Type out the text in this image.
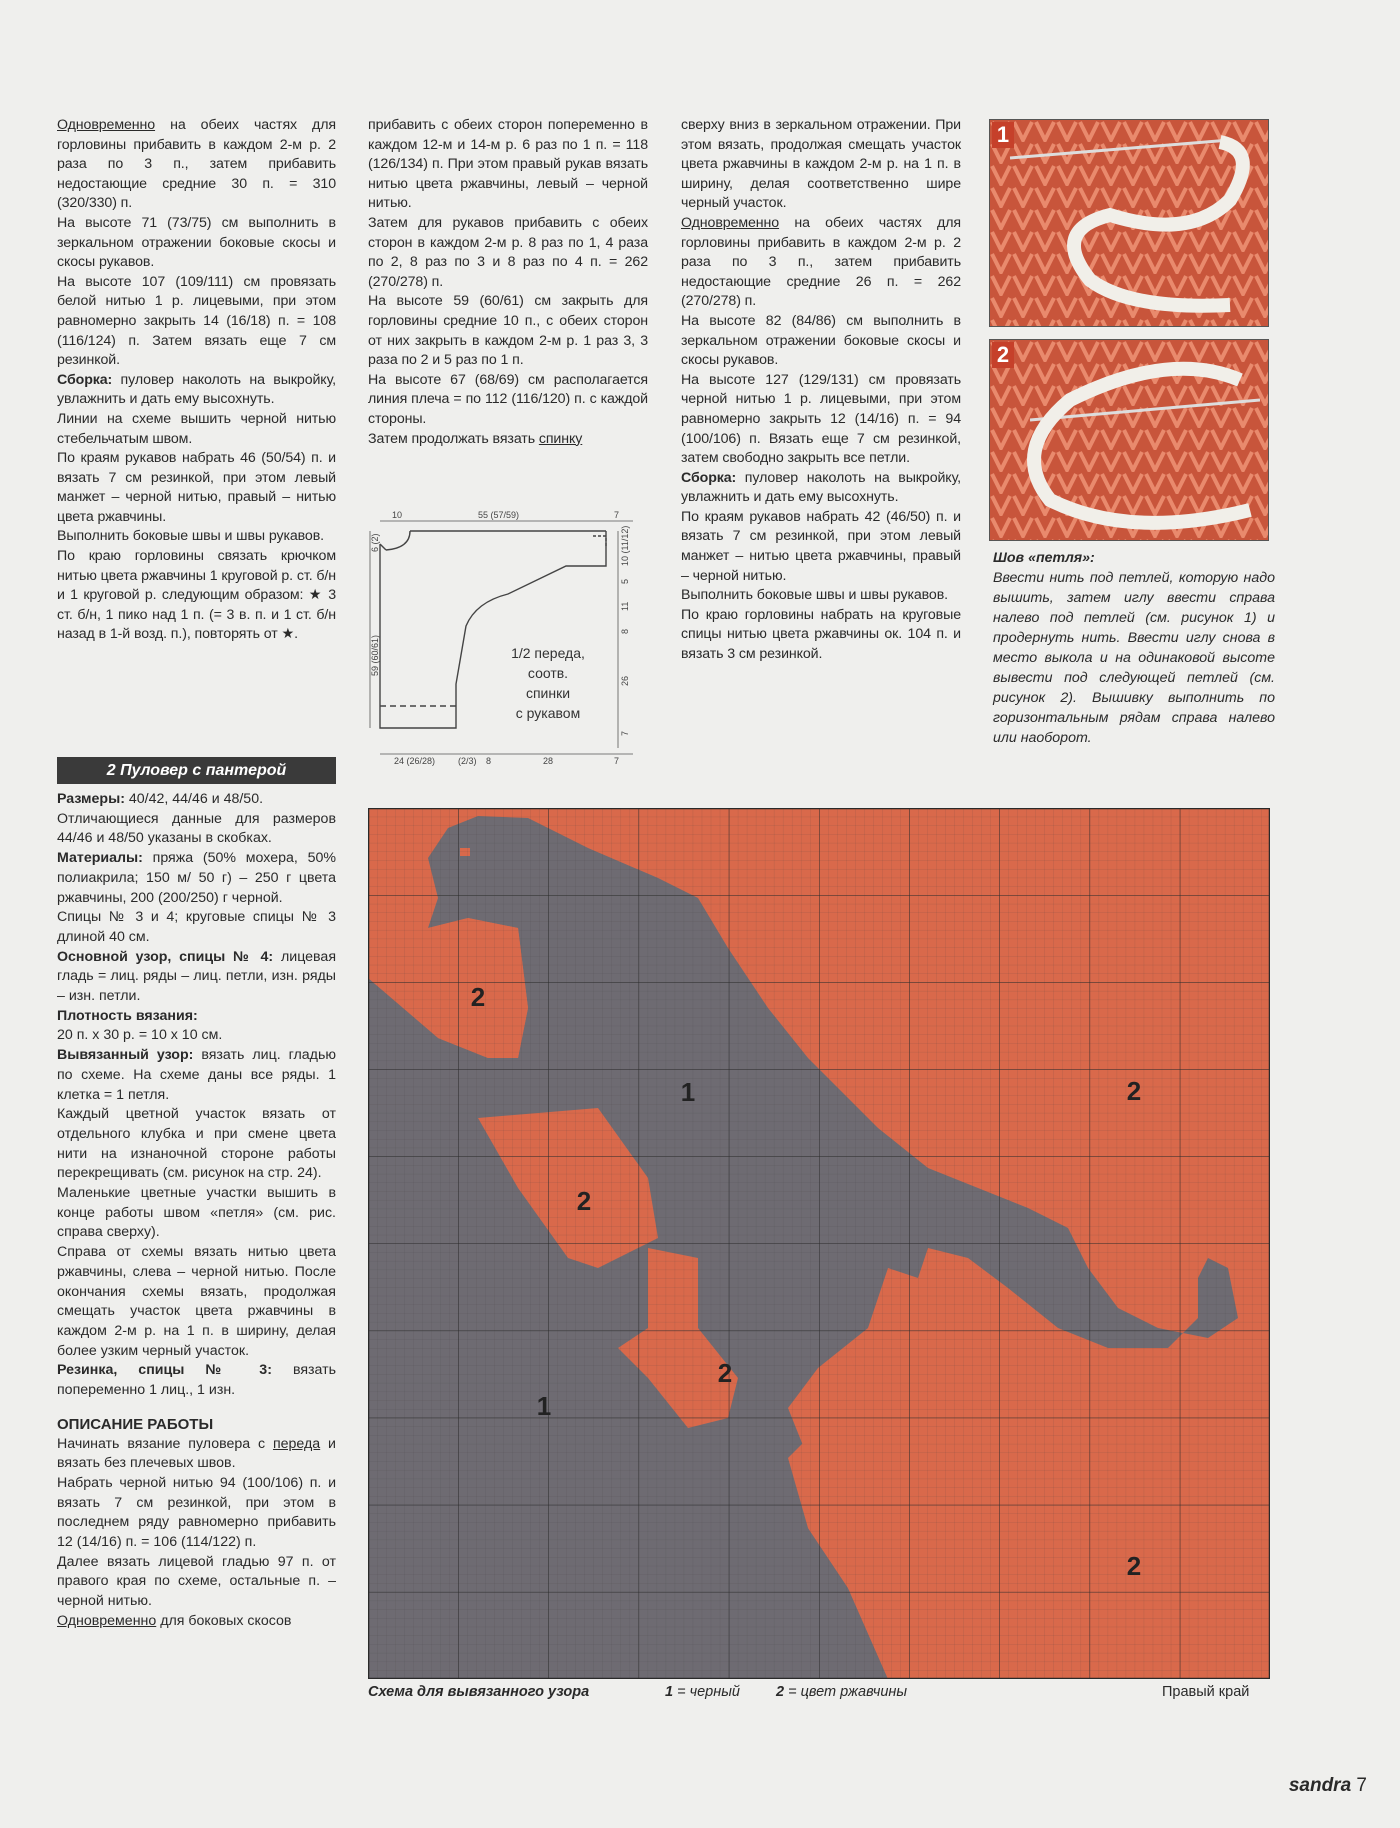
Одновременно на обеих частях для горловины прибавить в каждом 2-м р. 2 раза по 3 п., затем прибавить недостающие средние 30 п. = 310 (320/330) п.

На высоте 71 (73/75) см выполнить в зеркальном отражении боковые скосы и скосы рукавов.

На высоте 107 (109/111) см провязать белой нитью 1 р. лицевыми, при этом равномерно закрыть 14 (16/18) п. = 108 (116/124) п. Затем вязать еще 7 см резинкой.

Сборка: пуловер наколоть на выкройку, увлажнить и дать ему высохнуть.

Линии на схеме вышить черной нитью стебельчатым швом.

По краям рукавов набрать 46 (50/54) п. и вязать 7 см резинкой, при этом левый манжет – черной нитью, правый – нитью цвета ржавчины.

Выполнить боковые швы и швы рукавов.

По краю горловины связать крючком нитью цвета ржавчины 1 круговой р. ст. б/н и 1 круговой р. следующим образом: ★ 3 ст. б/н, 1 пико над 1 п. (= 3 в. п. и 1 ст. б/н назад в 1-й возд. п.), повторять от ★.

2 Пуловер с пантерой

Размеры: 40/42, 44/46 и 48/50.

Отличающиеся данные для размеров 44/46 и 48/50 указаны в скобках.

Материалы: пряжа (50% мохера, 50% полиакрила; 150 м/ 50 г) – 250 г цвета ржавчины, 200 (200/250) г черной.

Спицы № 3 и 4; круговые спицы № 3 длиной 40 см.

Основной узор, спицы № 4: лицевая гладь = лиц. ряды – лиц. петли, изн. ряды – изн. петли.

Плотность вязания:

20 п. x 30 р. = 10 x 10 см.

Вывязанный узор: вязать лиц. гладью по схеме. На схеме даны все ряды. 1 клетка = 1 петля.

Каждый цветной участок вязать от отдельного клубка и при смене цвета нити на изнаночной стороне работы перекрещивать (см. рисунок на стр. 24).

Маленькие цветные участки вышить в конце работы швом «петля» (см. рис. справа сверху).

Справа от схемы вязать нитью цвета ржавчины, слева – черной нитью. После окончания схемы вязать, продолжая смещать участок цвета ржавчины в каждом 2-м р. на 1 п. в ширину, делая более узким черный участок.

Резинка, спицы № 3: вязать попеременно 1 лиц., 1 изн.

ОПИСАНИЕ РАБОТЫ

Начинать вязание пуловера с переда и вязать без плечевых швов.

Набрать черной нитью 94 (100/106) п. и вязать 7 см резинкой, при этом в последнем ряду равномерно прибавить 12 (14/16) п. = 106 (114/122) п.

Далее вязать лицевой гладью 97 п. от правого края по схеме, остальные п. – черной нитью.

Одновременно для боковых скосов

прибавить с обеих сторон попеременно в каждом 12-м и 14-м р. 6 раз по 1 п. = 118 (126/134) п. При этом правый рукав вязать нитью цвета ржавчины, левый – черной нитью.

Затем для рукавов прибавить с обеих сторон в каждом 2-м р. 8 раз по 1, 4 раза по 2, 8 раз по 3 и 8 раз по 4 п. = 262 (270/278) п.

На высоте 59 (60/61) см закрыть для горловины средние 10 п., с обеих сторон от них закрыть в каждом 2-м р. 1 раз 3, 3 раза по 2 и 5 раз по 1 п.

На высоте 67 (68/69) см располагается линия плеча = по 112 (116/120) п. с каждой стороны.

Затем продолжать вязать спинку

10	55 (57/59)	7
6 (2)
59 (60/61)
10 (11/12)
5
11
8
26
7
24 (26/28)	(2/3) 8	28	7
1/2 переда,
соотв.
спинки
с рукавом

сверху вниз в зеркальном отражении. При этом вязать, продолжая смещать участок цвета ржавчины в каждом 2-м р. на 1 п. в ширину, делая соответственно шире черный участок.

Одновременно на обеих частях для горловины прибавить в каждом 2-м р. 2 раза по 3 п., затем прибавить недостающие средние 26 п. = 262 (270/278) п.

На высоте 82 (84/86) см выполнить в зеркальном отражении боковые скосы и скосы рукавов.

На высоте 127 (129/131) см провязать черной нитью 1 р. лицевыми, при этом равномерно закрыть 12 (14/16) п. = 94 (100/106) п. Вязать еще 7 см резинкой, затем свободно закрыть все петли.

Сборка: пуловер наколоть на выкройку, увлажнить и дать ему высохнуть.

По краям рукавов набрать 42 (46/50) п. и вязать 7 см резинкой, при этом левый манжет – нитью цвета ржавчины, правый – черной нитью.

Выполнить боковые швы и швы рукавов.

По краю горловины набрать на круговые спицы нитью цвета ржавчины ок. 104 п. и вязать 3 см резинкой.

1
2

Шов «петля»:

Ввести нить под петлей, которую надо вышить, затем иглу ввести справа налево под петлей (см. рисунок 1) и продернуть нить. Ввести иглу снова в место выкола и на одинаковой высоте вывести под следующей петлей (см. рисунок 2). Вышивку выполнить по горизонтальным рядам справа налево или наоборот.

1
2
2
2
2
2
1
Схема для вывязанного узора	1 = черный 2 = цвет ржавчины	Правый край
sandra 7
